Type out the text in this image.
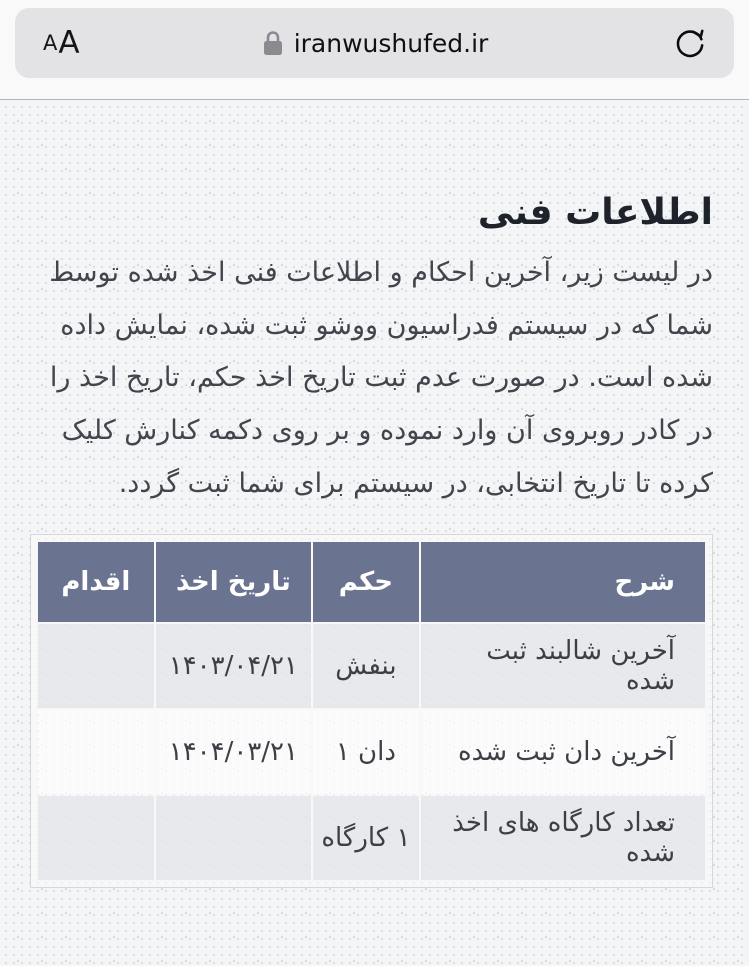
A A	iranwushufed.ir
اطلاعات فنی
در لیست زیر، آخرین احکام و اطلاعات فنی اخذ شده توسط شما که در سیستم فدراسیون ووشو ثبت شده، نمایش داده شده است. در صورت عدم ثبت تاریخ اخذ حکم، تاریخ اخذ را در کادر روبروی آن وارد نموده و بر روی دکمه کنارش کلیک کرده تا تاریخ انتخابی، در سیستم برای شما ثبت گردد.
شرح	حکم	تاریخ اخذ	اقدام
آخرین شالبند ثبت شده	بنفش	۱۴۰۳/۰۴/۲۱	
آخرین دان ثبت شده	دان ۱	۱۴۰۴/۰۳/۲۱	
تعداد کارگاه های اخذ شده	۱ کارگاه		
